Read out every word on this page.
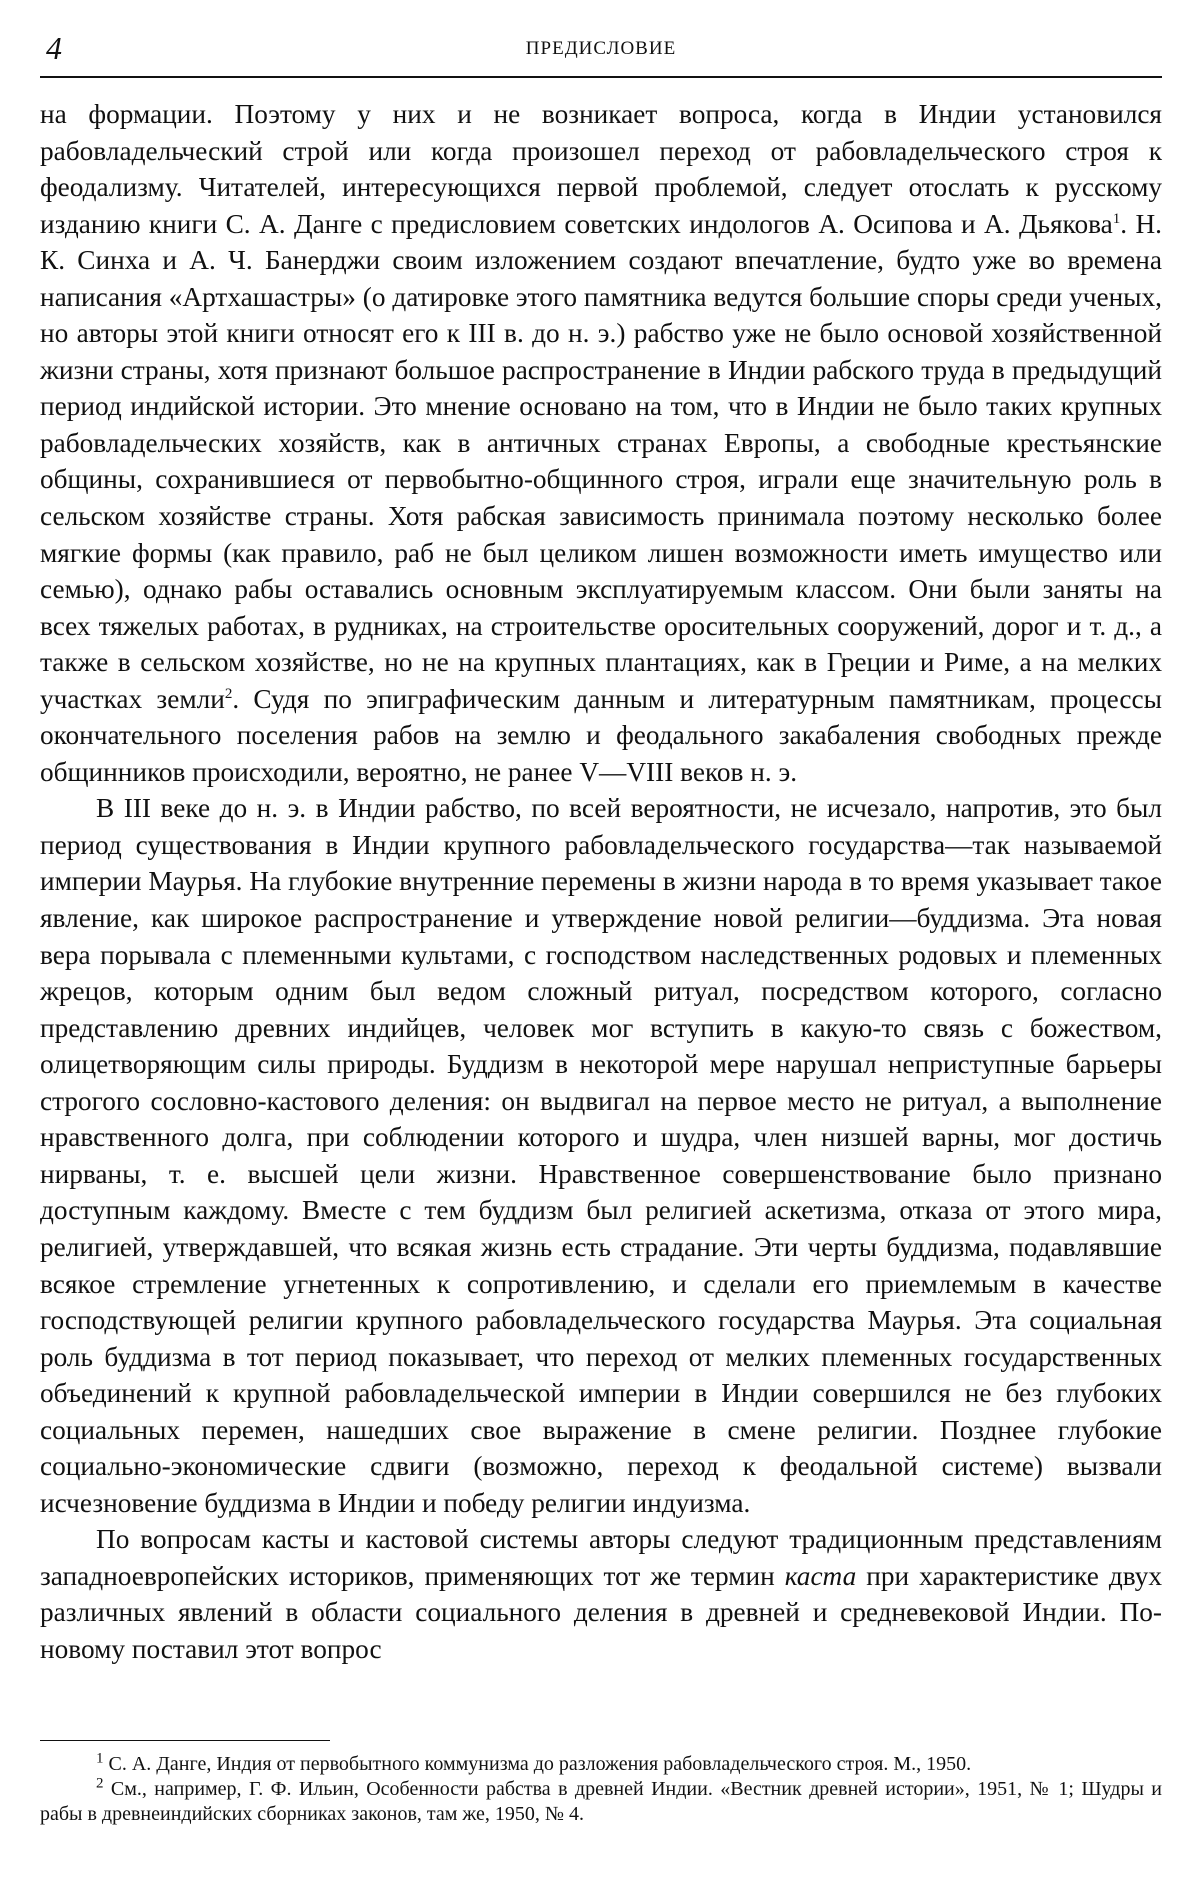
4	ПРЕДИСЛОВИЕ

на формации. Поэтому у них и не возникает вопроса, когда в Индии установился рабовладельческий строй или когда произошел переход от рабовладельческого строя к феодализму. Читателей, интересующихся первой проблемой, следует отослать к русскому изданию книги С. А. Данге с предисловием советских индологов А. Осипова и А. Дьякова$^1$. Н. К. Синха и А. Ч. Банерджи своим изложением создают впечатление, будто уже во времена написания «Артхашастры» (о датировке этого памятника ведутся большие споры среди ученых, но авторы этой книги относят его к III в. до н. э.) рабство уже не было основой хозяйственной жизни страны, хотя признают большое распространение в Индии рабского труда в предыдущий период индийской истории. Это мнение основано на том, что в Индии не было таких крупных рабовладельческих хозяйств, как в античных странах Европы, а свободные крестьянские общины, сохранившиеся от первобытно-общинного строя, играли еще значительную роль в сельском хозяйстве страны. Хотя рабская зависимость принимала поэтому несколько более мягкие формы (как правило, раб не был целиком лишен возможности иметь имущество или семью), однако рабы оставались основным эксплуатируемым классом. Они были заняты на всех тяжелых работах, в рудниках, на строительстве оросительных сооружений, дорог и т. д., а также в сельском хозяйстве, но не на крупных плантациях, как в Греции и Риме, а на мелких участках земли$^2$. Судя по эпиграфическим данным и литературным памятникам, процессы окончательного поселения рабов на землю и феодального закабаления свободных прежде общинников происходили, вероятно, не ранее V—VIII веков н. э.

В III веке до н. э. в Индии рабство, по всей вероятности, не исчезало, напротив, это был период существования в Индии крупного рабовладельческого государства—так называемой империи Маурья. На глубокие внутренние перемены в жизни народа в то время указывает такое явление, как широкое распространение и утверждение новой религии—буддизма. Эта новая вера порывала с племенными культами, с господством наследственных родовых и племенных жрецов, которым одним был ведом сложный ритуал, посредством которого, согласно представлению древних индийцев, человек мог вступить в какую-то связь с божеством, олицетворяющим силы природы. Буддизм в некоторой мере нарушал неприступные барьеры строгого сословно-кастового деления: он выдвигал на первое место не ритуал, а выполнение нравственного долга, при соблюдении которого и шудра, член низшей варны, мог достичь нирваны, т. е. высшей цели жизни. Нравственное совершенствование было признано доступным каждому. Вместе с тем буддизм был религией аскетизма, отказа от этого мира, религией, утверждавшей, что всякая жизнь есть страдание. Эти черты буддизма, подавлявшие всякое стремление угнетенных к сопротивлению, и сделали его приемлемым в качестве господствующей религии крупного рабовладельческого государства Маурья. Эта социальная роль буддизма в тот период показывает, что переход от мелких племенных государственных объединений к крупной рабовладельческой империи в Индии совершился не без глубоких социальных перемен, нашедших свое выражение в смене религии. Позднее глубокие социально-экономические сдвиги (возможно, переход к феодальной системе) вызвали исчезновение буддизма в Индии и победу религии индуизма.

По вопросам касты и кастовой системы авторы следуют традиционным представлениям западноевропейских историков, применяющих тот же термин каста при характеристике двух различных явлений в области социального деления в древней и средневековой Индии. По-новому поставил этот вопрос

$^1$ С. А. Данге, Индия от первобытного коммунизма до разложения рабовладельческого строя. М., 1950.

$^2$ См., например, Г. Ф. Ильин, Особенности рабства в древней Индии. «Вестник древней истории», 1951, № 1; Шудры и рабы в древнеиндийских сборниках законов, там же, 1950, № 4.
